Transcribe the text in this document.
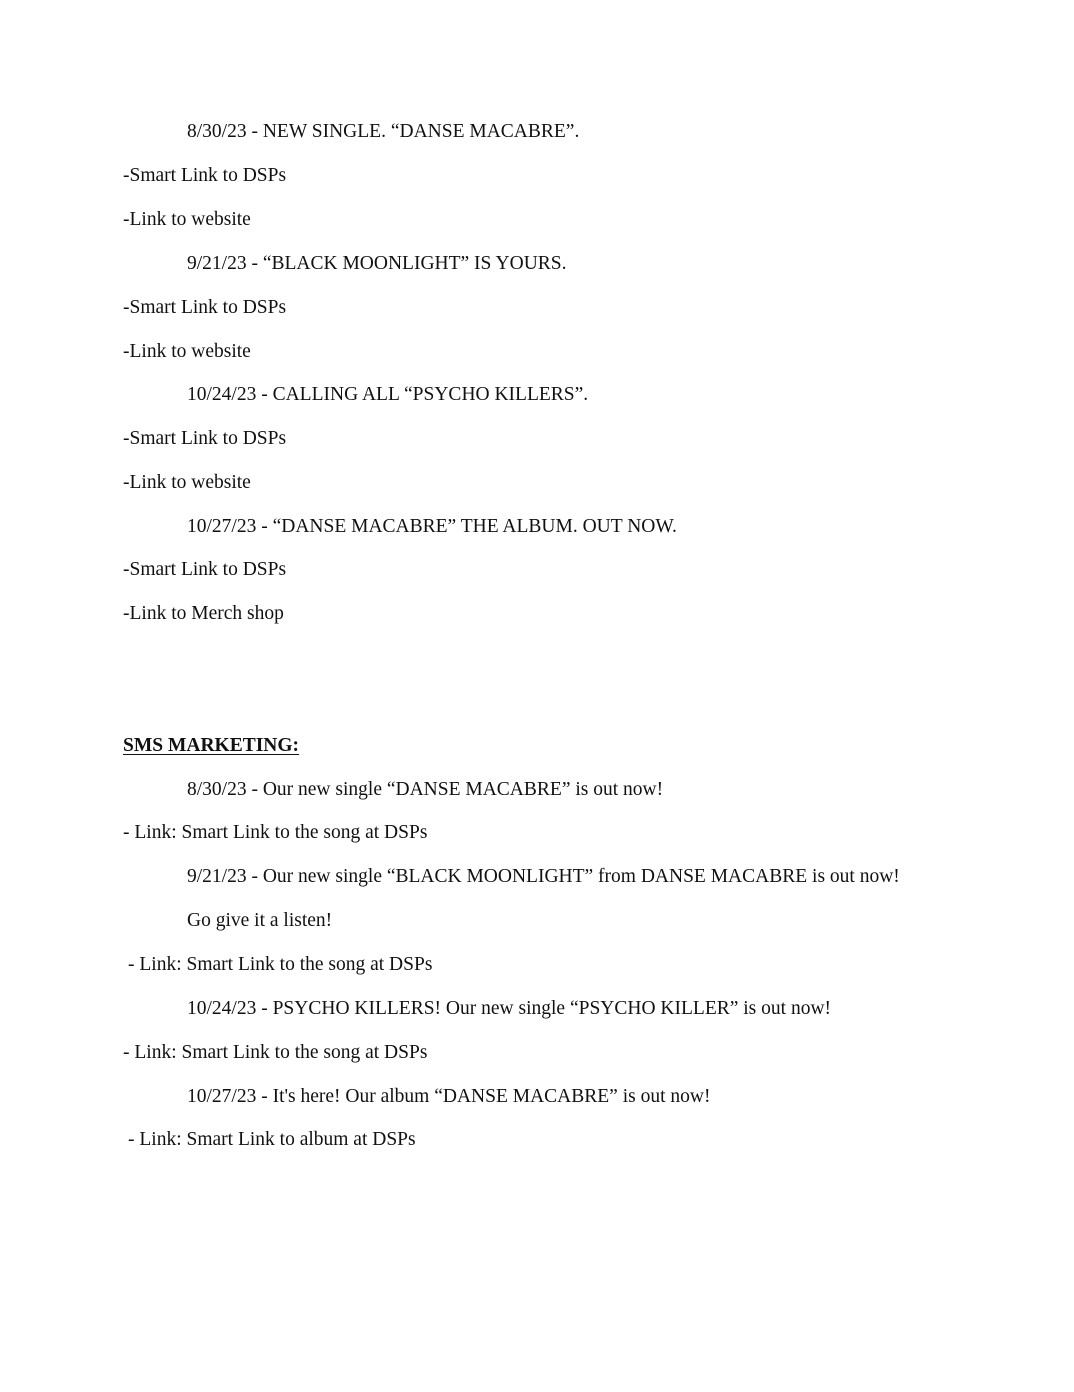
8/30/23 - NEW SINGLE. “DANSE MACABRE”.
-Smart Link to DSPs
-Link to website
9/21/23 - “BLACK MOONLIGHT” IS YOURS.
-Smart Link to DSPs
-Link to website
10/24/23 - CALLING ALL “PSYCHO KILLERS”.
-Smart Link to DSPs
-Link to website
10/27/23 - “DANSE MACABRE” THE ALBUM. OUT NOW.
-Smart Link to DSPs
-Link to Merch shop
SMS MARKETING:
8/30/23 - Our new single “DANSE MACABRE” is out now!
- Link: Smart Link to the song at DSPs
9/21/23 - Our new single “BLACK MOONLIGHT” from DANSE MACABRE is out now!
Go give it a listen!
- Link: Smart Link to the song at DSPs
10/24/23 - PSYCHO KILLERS! Our new single “PSYCHO KILLER” is out now!
- Link: Smart Link to the song at DSPs
10/27/23 - It's here! Our album “DANSE MACABRE” is out now!
- Link: Smart Link to album at DSPs
